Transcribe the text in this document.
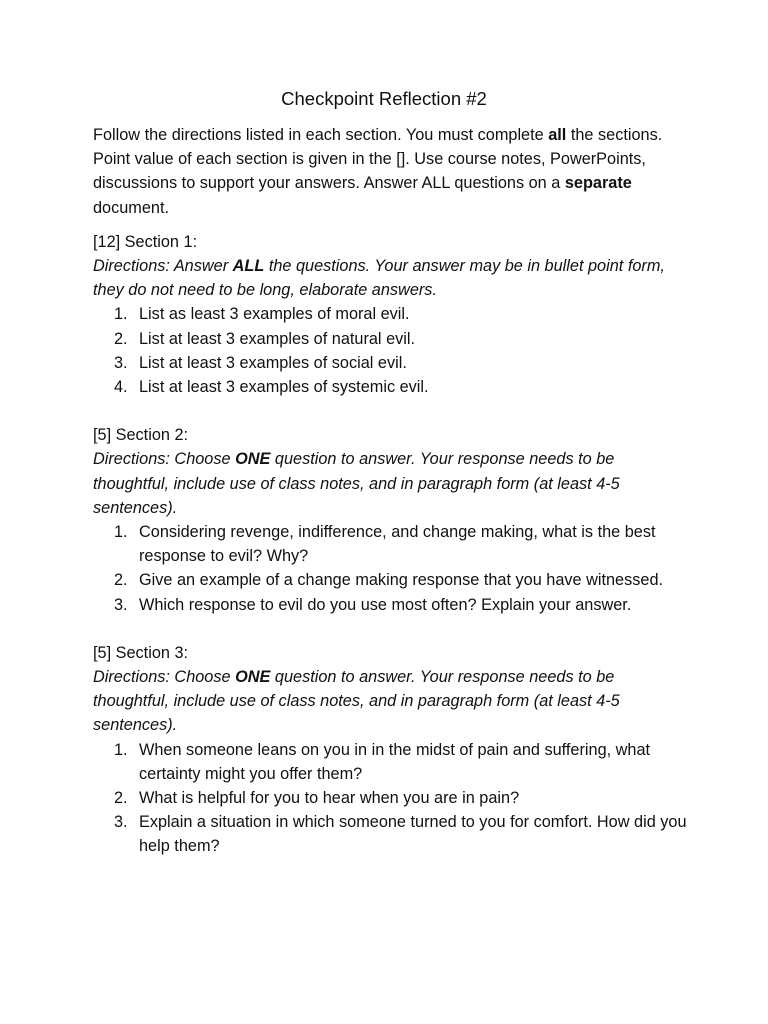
Checkpoint Reflection #2

Follow the directions listed in each section. You must complete all the sections. Point value of each section is given in the []. Use course notes, PowerPoints, discussions to support your answers. Answer ALL questions on a separate document.

[12] Section 1:

Directions: Answer ALL the questions. Your answer may be in bullet point form, they do not need to be long, elaborate answers.

1. List as least 3 examples of moral evil.
2. List at least 3 examples of natural evil.
3. List at least 3 examples of social evil.
4. List at least 3 examples of systemic evil.

[5] Section 2:

Directions: Choose ONE question to answer. Your response needs to be thoughtful, include use of class notes, and in paragraph form (at least 4-5 sentences).

1. Considering revenge, indifference, and change making, what is the best response to evil? Why?
2. Give an example of a change making response that you have witnessed.
3. Which response to evil do you use most often? Explain your answer.

[5] Section 3:

Directions: Choose ONE question to answer. Your response needs to be thoughtful, include use of class notes, and in paragraph form (at least 4-5 sentences).

1. When someone leans on you in in the midst of pain and suffering, what certainty might you offer them?
2. What is helpful for you to hear when you are in pain?
3. Explain a situation in which someone turned to you for comfort. How did you help them?
